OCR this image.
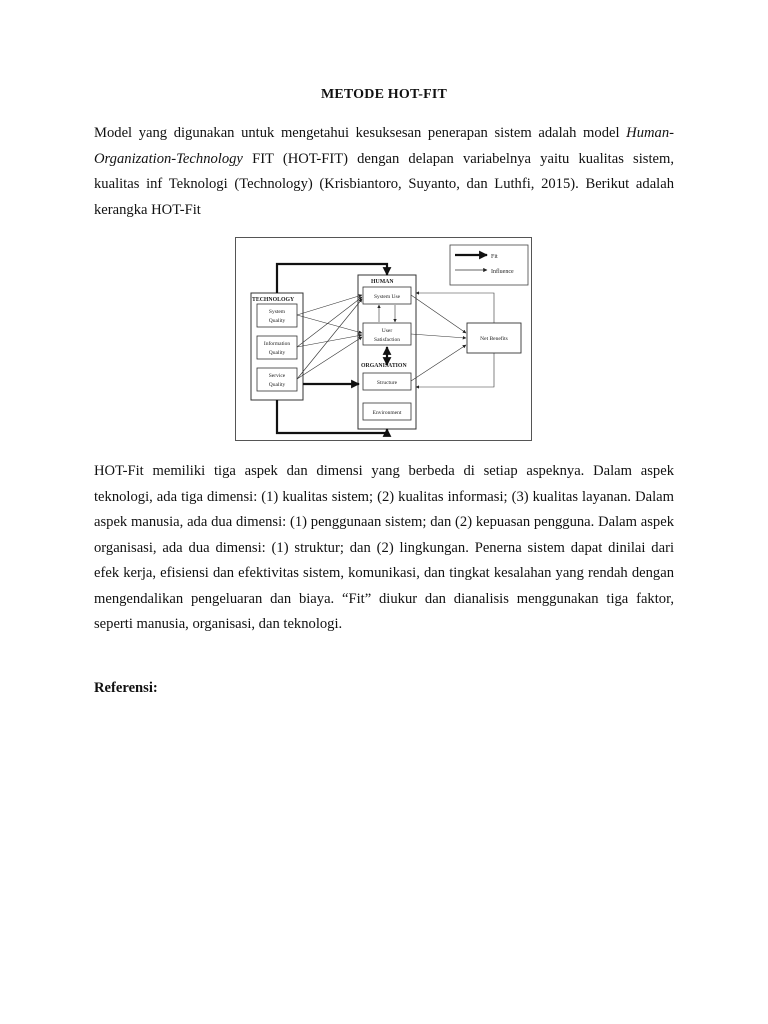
METODE HOT-FIT

Model yang digunakan untuk mengetahui kesuksesan penerapan sistem adalah model Human-Organization-Technology FIT (HOT-FIT) dengan delapan variabelnya yaitu kualitas sistem, kualitas inf Teknologi (Technology) (Krisbiantoro, Suyanto, dan Luthfi, 2015). Berikut adalah kerangka HOT-Fit

Fit
Influence
TECHNOLOGY
System
Quality
Information
Quality
Service
Quality
HUMAN
System Use
User
Satisfaction
ORGANISATION
Structure
Environment
Net Benefits

HOT-Fit memiliki tiga aspek dan dimensi yang berbeda di setiap aspeknya. Dalam aspek teknologi, ada tiga dimensi: (1) kualitas sistem; (2) kualitas informasi; (3) kualitas layanan. Dalam aspek manusia, ada dua dimensi: (1) penggunaan sistem; dan (2) kepuasan pengguna. Dalam aspek organisasi, ada dua dimensi: (1) struktur; dan (2) lingkungan. Penerna sistem dapat dinilai dari efek kerja, efisiensi dan efektivitas sistem, komunikasi, dan tingkat kesalahan yang rendah dengan mengendalikan pengeluaran dan biaya. “Fit” diukur dan dianalisis menggunakan tiga faktor, seperti manusia, organisasi, dan teknologi.

Referensi:
